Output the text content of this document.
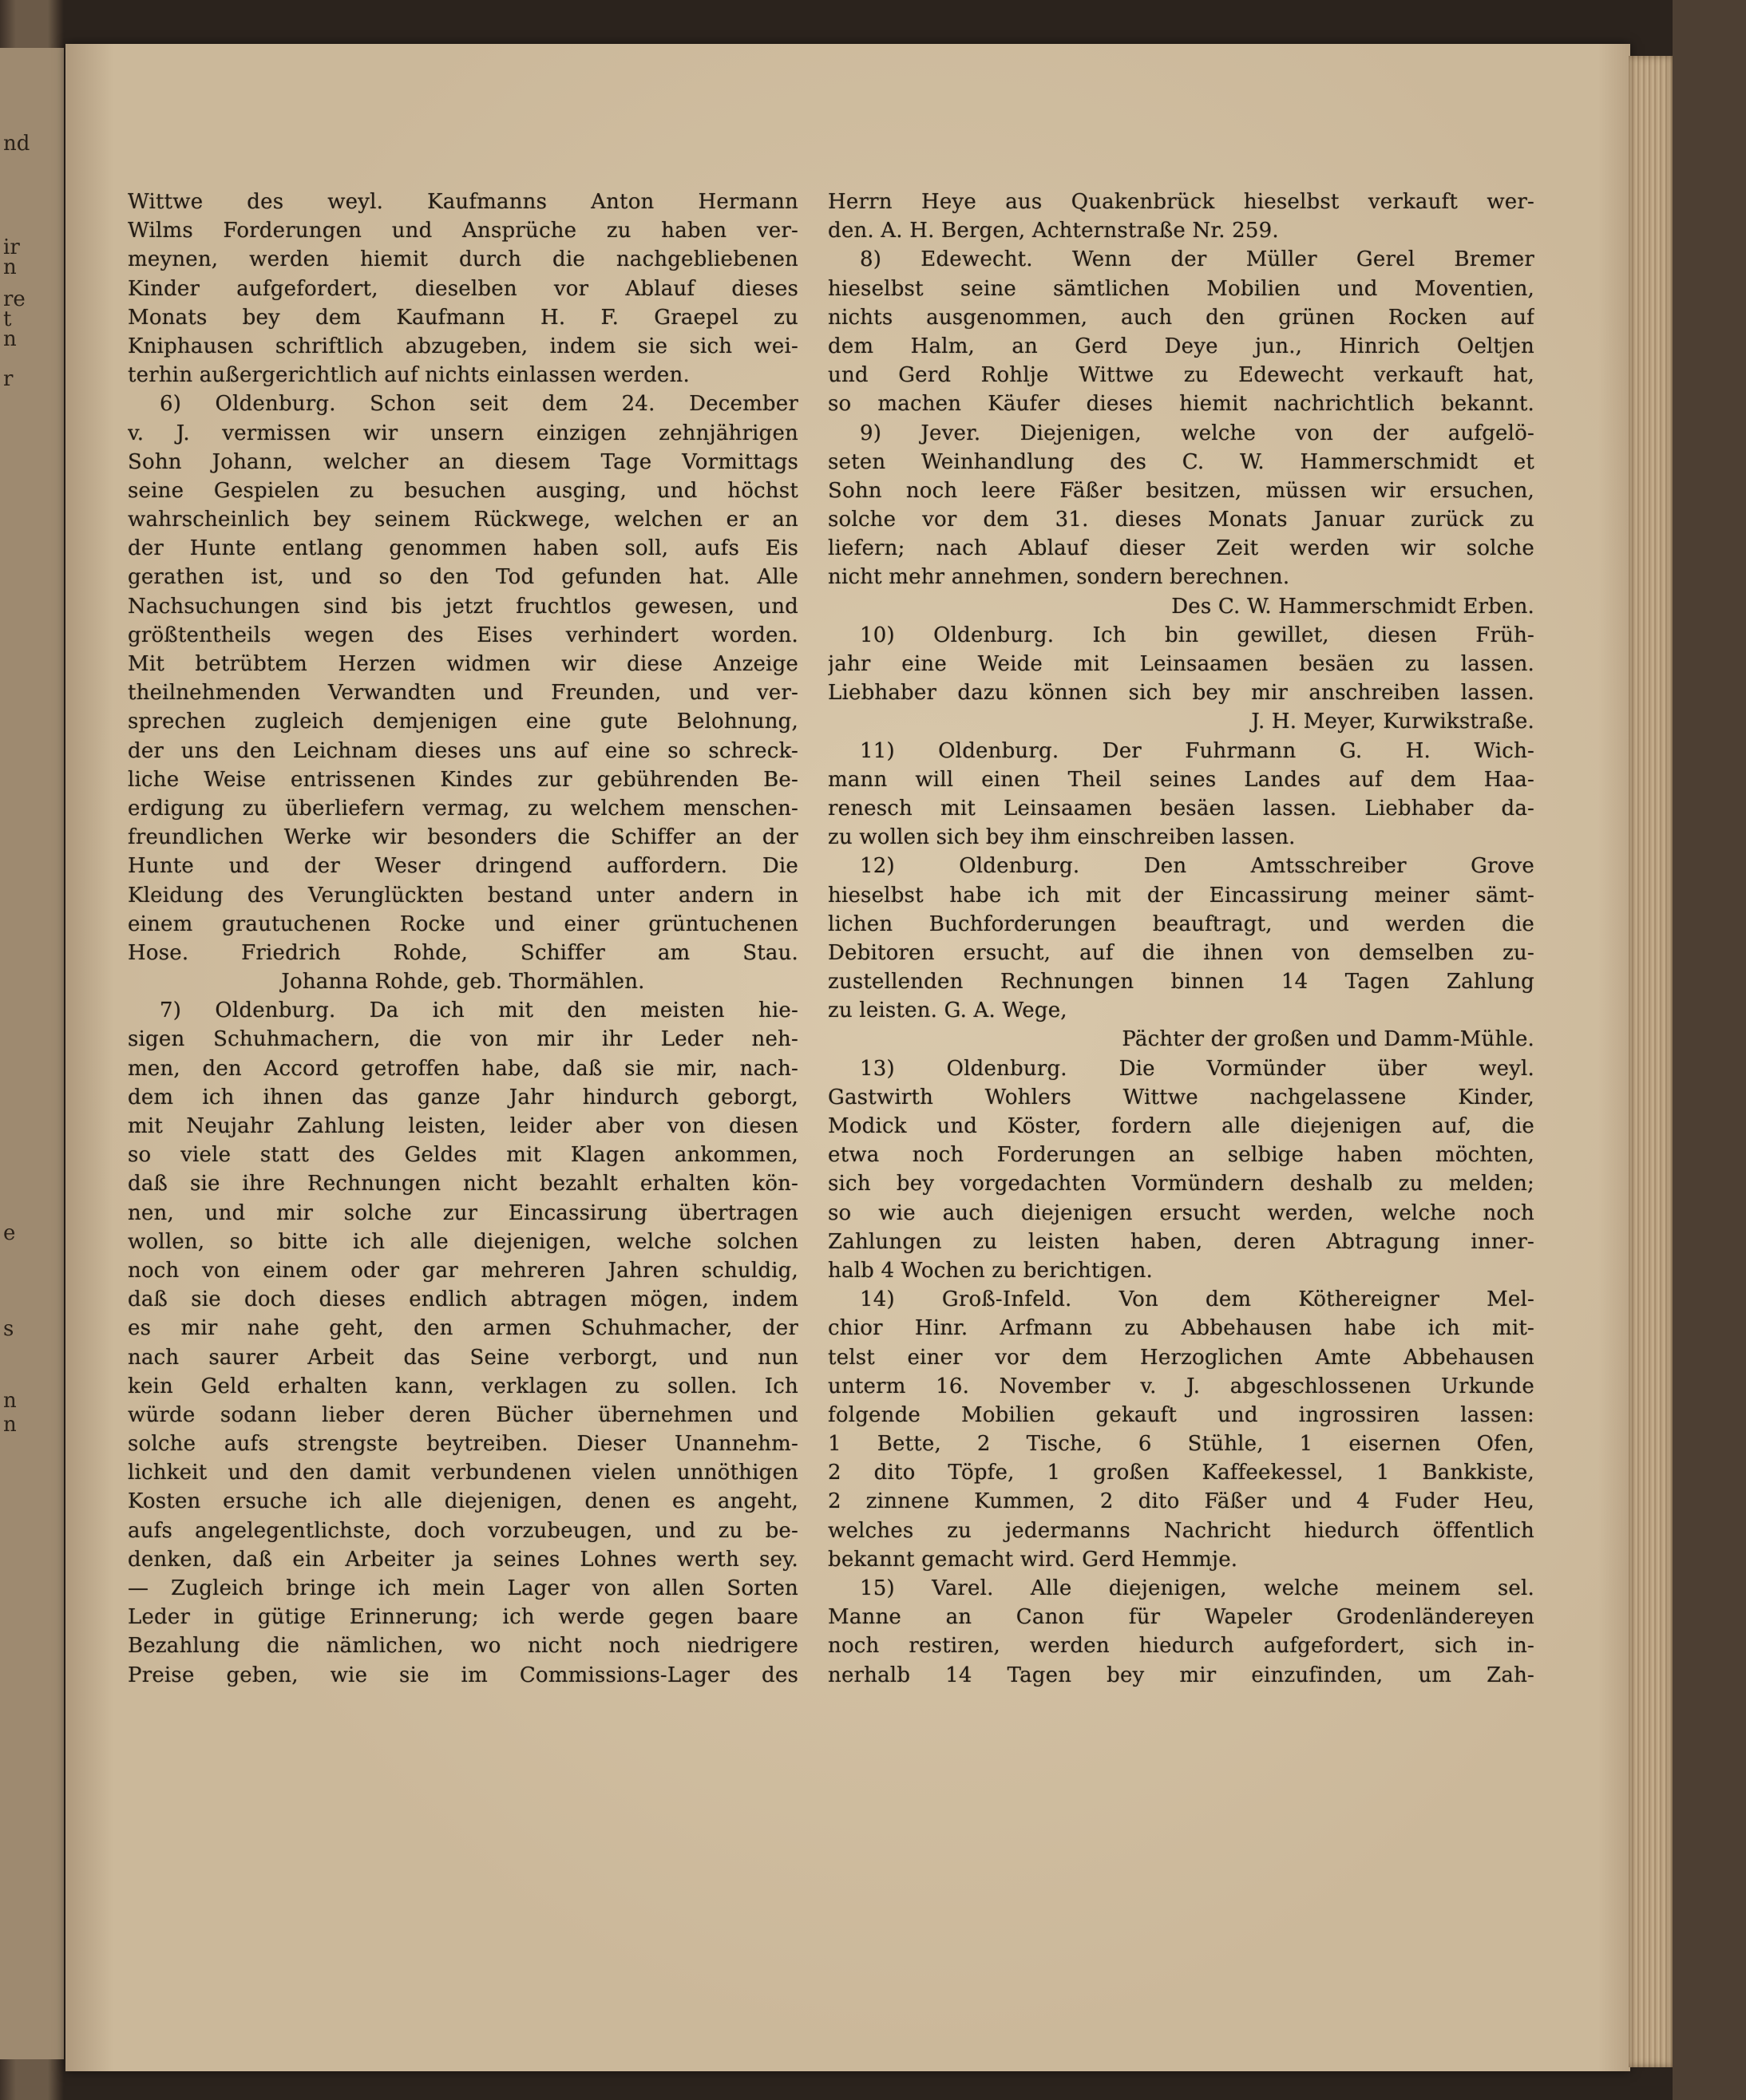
nd
ir
n
re
t
n
r
e
s
n
n
Wittwe des weyl. Kaufmanns Anton Hermann
Wilms Forderungen und Ansprüche zu haben ver-
meynen, werden hiemit durch die nachgebliebenen
Kinder aufgefordert, dieselben vor Ablauf dieses
Monats bey dem Kaufmann H. F. Graepel zu
Kniphausen schriftlich abzugeben, indem sie sich wei-
terhin außergerichtlich auf nichts einlassen werden.
6) Oldenburg. Schon seit dem 24. December
v. J. vermissen wir unsern einzigen zehnjährigen
Sohn Johann, welcher an diesem Tage Vormittags
seine Gespielen zu besuchen ausging, und höchst
wahrscheinlich bey seinem Rückwege, welchen er an
der Hunte entlang genommen haben soll, aufs Eis
gerathen ist, und so den Tod gefunden hat. Alle
Nachsuchungen sind bis jetzt fruchtlos gewesen, und
größtentheils wegen des Eises verhindert worden.
Mit betrübtem Herzen widmen wir diese Anzeige
theilnehmenden Verwandten und Freunden, und ver-
sprechen zugleich demjenigen eine gute Belohnung,
der uns den Leichnam dieses uns auf eine so schreck-
liche Weise entrissenen Kindes zur gebührenden Be-
erdigung zu überliefern vermag, zu welchem menschen-
freundlichen Werke wir besonders die Schiffer an der
Hunte und der Weser dringend auffordern. Die
Kleidung des Verunglückten bestand unter andern in
einem grautuchenen Rocke und einer grüntuchenen
Hose. Friedrich Rohde, Schiffer am Stau.
Johanna Rohde, geb. Thormählen.
7) Oldenburg. Da ich mit den meisten hie-
sigen Schuhmachern, die von mir ihr Leder neh-
men, den Accord getroffen habe, daß sie mir, nach-
dem ich ihnen das ganze Jahr hindurch geborgt,
mit Neujahr Zahlung leisten, leider aber von diesen
so viele statt des Geldes mit Klagen ankommen,
daß sie ihre Rechnungen nicht bezahlt erhalten kön-
nen, und mir solche zur Eincassirung übertragen
wollen, so bitte ich alle diejenigen, welche solchen
noch von einem oder gar mehreren Jahren schuldig,
daß sie doch dieses endlich abtragen mögen, indem
es mir nahe geht, den armen Schuhmacher, der
nach saurer Arbeit das Seine verborgt, und nun
kein Geld erhalten kann, verklagen zu sollen. Ich
würde sodann lieber deren Bücher übernehmen und
solche aufs strengste beytreiben. Dieser Unannehm-
lichkeit und den damit verbundenen vielen unnöthigen
Kosten ersuche ich alle diejenigen, denen es angeht,
aufs angelegentlichste, doch vorzubeugen, und zu be-
denken, daß ein Arbeiter ja seines Lohnes werth sey.
— Zugleich bringe ich mein Lager von allen Sorten
Leder in gütige Erinnerung; ich werde gegen baare
Bezahlung die nämlichen, wo nicht noch niedrigere
Preise geben, wie sie im Commissions-Lager des
Herrn Heye aus Quakenbrück hieselbst verkauft wer-
den. A. H. Bergen, Achternstraße Nr. 259.
8) Edewecht. Wenn der Müller Gerel Bremer
hieselbst seine sämtlichen Mobilien und Moventien,
nichts ausgenommen, auch den grünen Rocken auf
dem Halm, an Gerd Deye jun., Hinrich Oeltjen
und Gerd Rohlje Wittwe zu Edewecht verkauft hat,
so machen Käufer dieses hiemit nachrichtlich bekannt.
9) Jever. Diejenigen, welche von der aufgelö-
seten Weinhandlung des C. W. Hammerschmidt et
Sohn noch leere Fäßer besitzen, müssen wir ersuchen,
solche vor dem 31. dieses Monats Januar zurück zu
liefern; nach Ablauf dieser Zeit werden wir solche
nicht mehr annehmen, sondern berechnen.
Des C. W. Hammerschmidt Erben.
10) Oldenburg. Ich bin gewillet, diesen Früh-
jahr eine Weide mit Leinsaamen besäen zu lassen.
Liebhaber dazu können sich bey mir anschreiben lassen.
J. H. Meyer, Kurwikstraße.
11) Oldenburg. Der Fuhrmann G. H. Wich-
mann will einen Theil seines Landes auf dem Haa-
renesch mit Leinsaamen besäen lassen. Liebhaber da-
zu wollen sich bey ihm einschreiben lassen.
12) Oldenburg. Den Amtsschreiber Grove
hieselbst habe ich mit der Eincassirung meiner sämt-
lichen Buchforderungen beauftragt, und werden die
Debitoren ersucht, auf die ihnen von demselben zu-
zustellenden Rechnungen binnen 14 Tagen Zahlung
zu leisten. G. A. Wege,
Pächter der großen und Damm-Mühle.
13) Oldenburg. Die Vormünder über weyl.
Gastwirth Wohlers Wittwe nachgelassene Kinder,
Modick und Köster, fordern alle diejenigen auf, die
etwa noch Forderungen an selbige haben möchten,
sich bey vorgedachten Vormündern deshalb zu melden;
so wie auch diejenigen ersucht werden, welche noch
Zahlungen zu leisten haben, deren Abtragung inner-
halb 4 Wochen zu berichtigen.
14) Groß-Infeld. Von dem Köthereigner Mel-
chior Hinr. Arfmann zu Abbehausen habe ich mit-
telst einer vor dem Herzoglichen Amte Abbehausen
unterm 16. November v. J. abgeschlossenen Urkunde
folgende Mobilien gekauft und ingrossiren lassen:
1 Bette, 2 Tische, 6 Stühle, 1 eisernen Ofen,
2 dito Töpfe, 1 großen Kaffeekessel, 1 Bankkiste,
2 zinnene Kummen, 2 dito Fäßer und 4 Fuder Heu,
welches zu jedermanns Nachricht hiedurch öffentlich
bekannt gemacht wird. Gerd Hemmje.
15) Varel. Alle diejenigen, welche meinem sel.
Manne an Canon für Wapeler Grodenländereyen
noch restiren, werden hiedurch aufgefordert, sich in-
nerhalb 14 Tagen bey mir einzufinden, um Zah-
